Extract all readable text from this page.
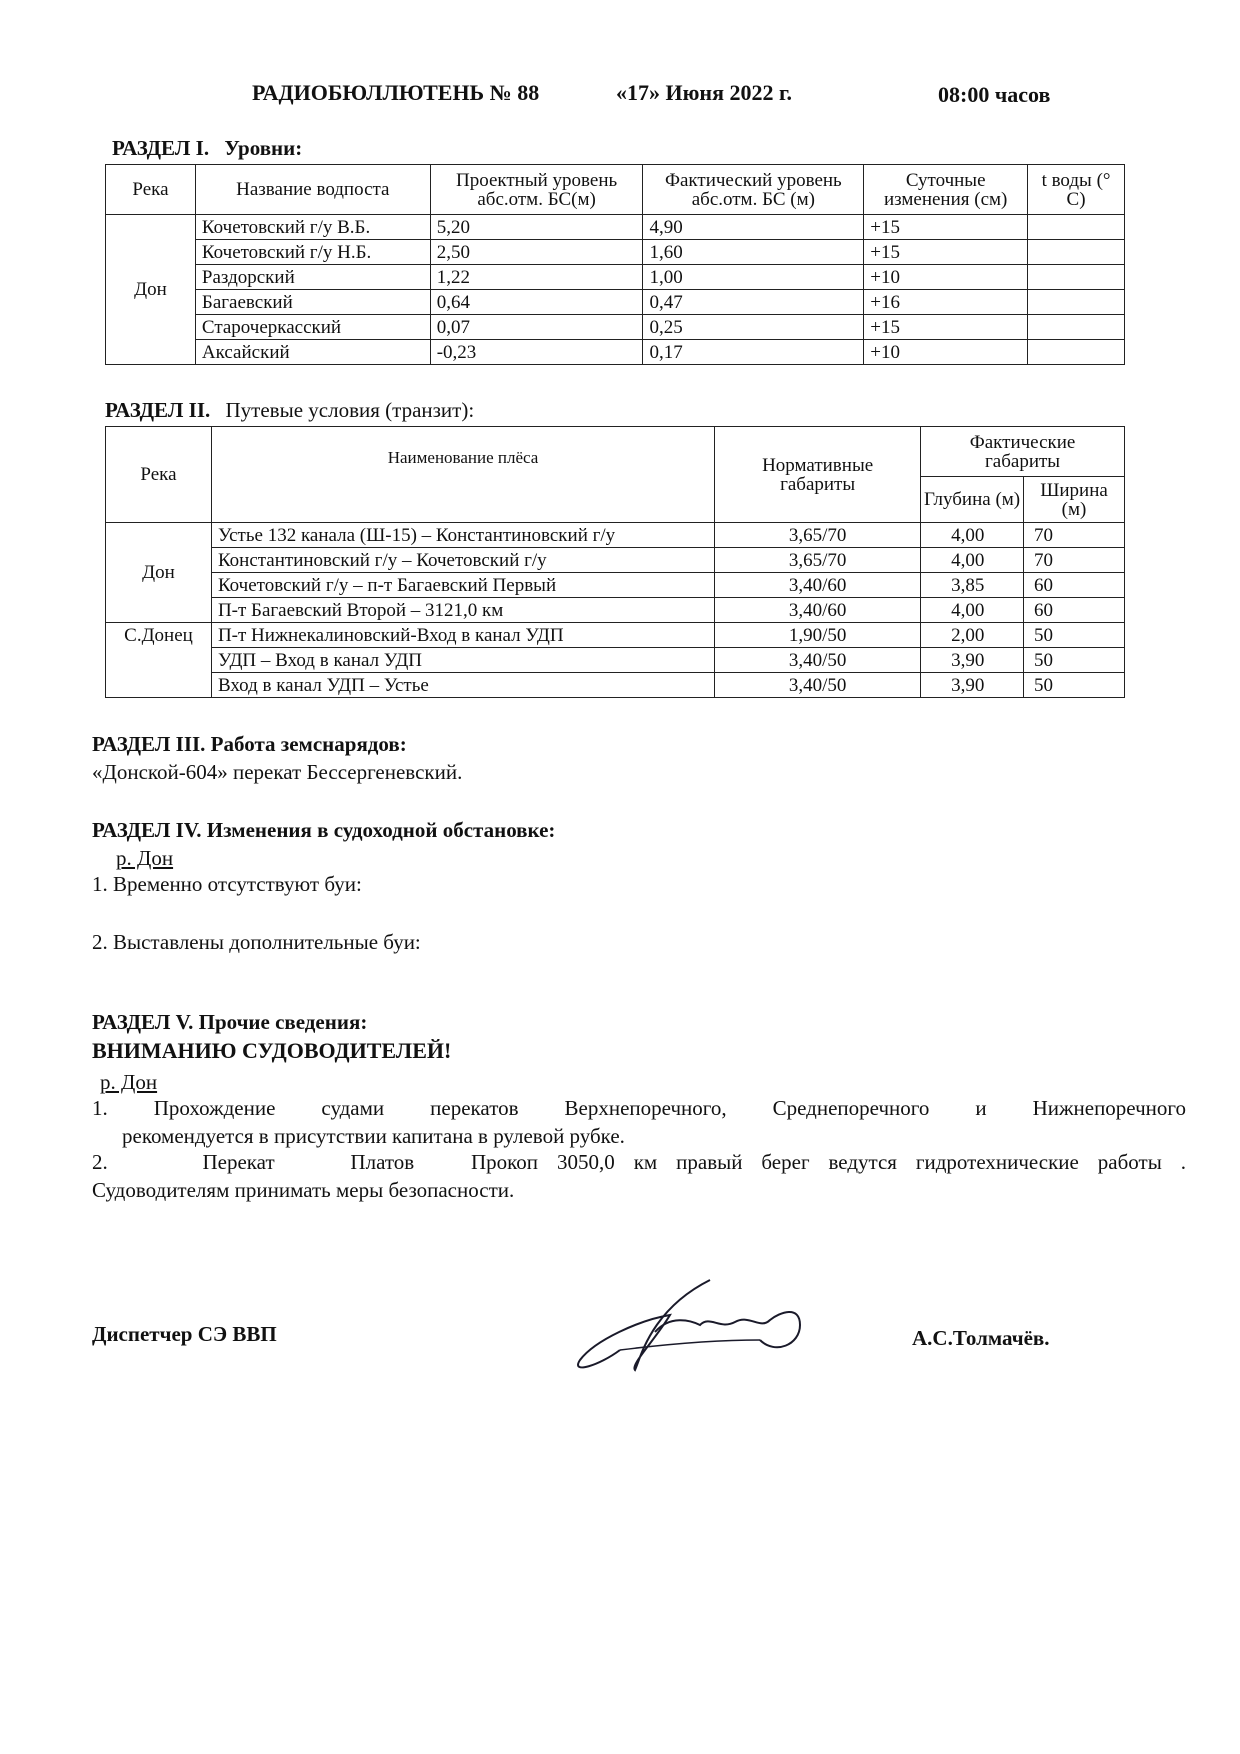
РАДИОБЮЛЛЮТЕНЬ № 88	«17» Июня 2022 г.	08:00 часов
РАЗДЕЛ I. Уровни:
Река	Название водпоста	Проектный уровень абс.отм. БС(м)	Фактический уровень абс.отм. БС (м)	Суточные изменения (см)	t воды (° С)
Дон	Кочетовский г/у В.Б.	5,20	4,90	+15	
	Кочетовский г/у Н.Б.	2,50	1,60	+15	
	Раздорский	1,22	1,00	+10	
	Багаевский	0,64	0,47	+16	
	Старочеркасский	0,07	0,25	+15	
	Аксайский	-0,23	0,17	+10	
РАЗДЕЛ II. Путевые условия (транзит):
Река	Наименование плёса	Нормативные габариты	Фактические габариты	
			Глубина (м)	Ширина (м)
Дон	Устье 132 канала (Ш-15) – Константиновский г/у	3,65/70	4,00	70
	Константиновский г/у – Кочетовский г/у	3,65/70	4,00	70
	Кочетовский г/у – п-т Багаевский Первый	3,40/60	3,85	60
	П-т Багаевский Второй – 3121,0 км	3,40/60	4,00	60
С.Донец	П-т Нижнекалиновский-Вход в канал УДП	1,90/50	2,00	50
	УДП – Вход в канал УДП	3,40/50	3,90	50
	Вход в канал УДП – Устье	3,40/50	3,90	50
РАЗДЕЛ III. Работа земснарядов:
«Донской-604» перекат Бессергеневский.
РАЗДЕЛ IV. Изменения в судоходной обстановке:
р. Дон
1. Временно отсутствуют буи:
2. Выставлены дополнительные буи:
РАЗДЕЛ V. Прочие сведения:
ВНИМАНИЮ СУДОВОДИТЕЛЕЙ!
р. Дон
1. Прохождение судами перекатов Верхнепоречного, Среднепоречного и Нижнепоречного
рекомендуется в присутствии капитана в рулевой рубке.
2.     Перекат    Платов   Прокоп 3050,0 км правый берег ведутся гидротехнические работы .
Судоводителям принимать меры безопасности.
Диспетчер СЭ ВВП	А.С.Толмачёв.
